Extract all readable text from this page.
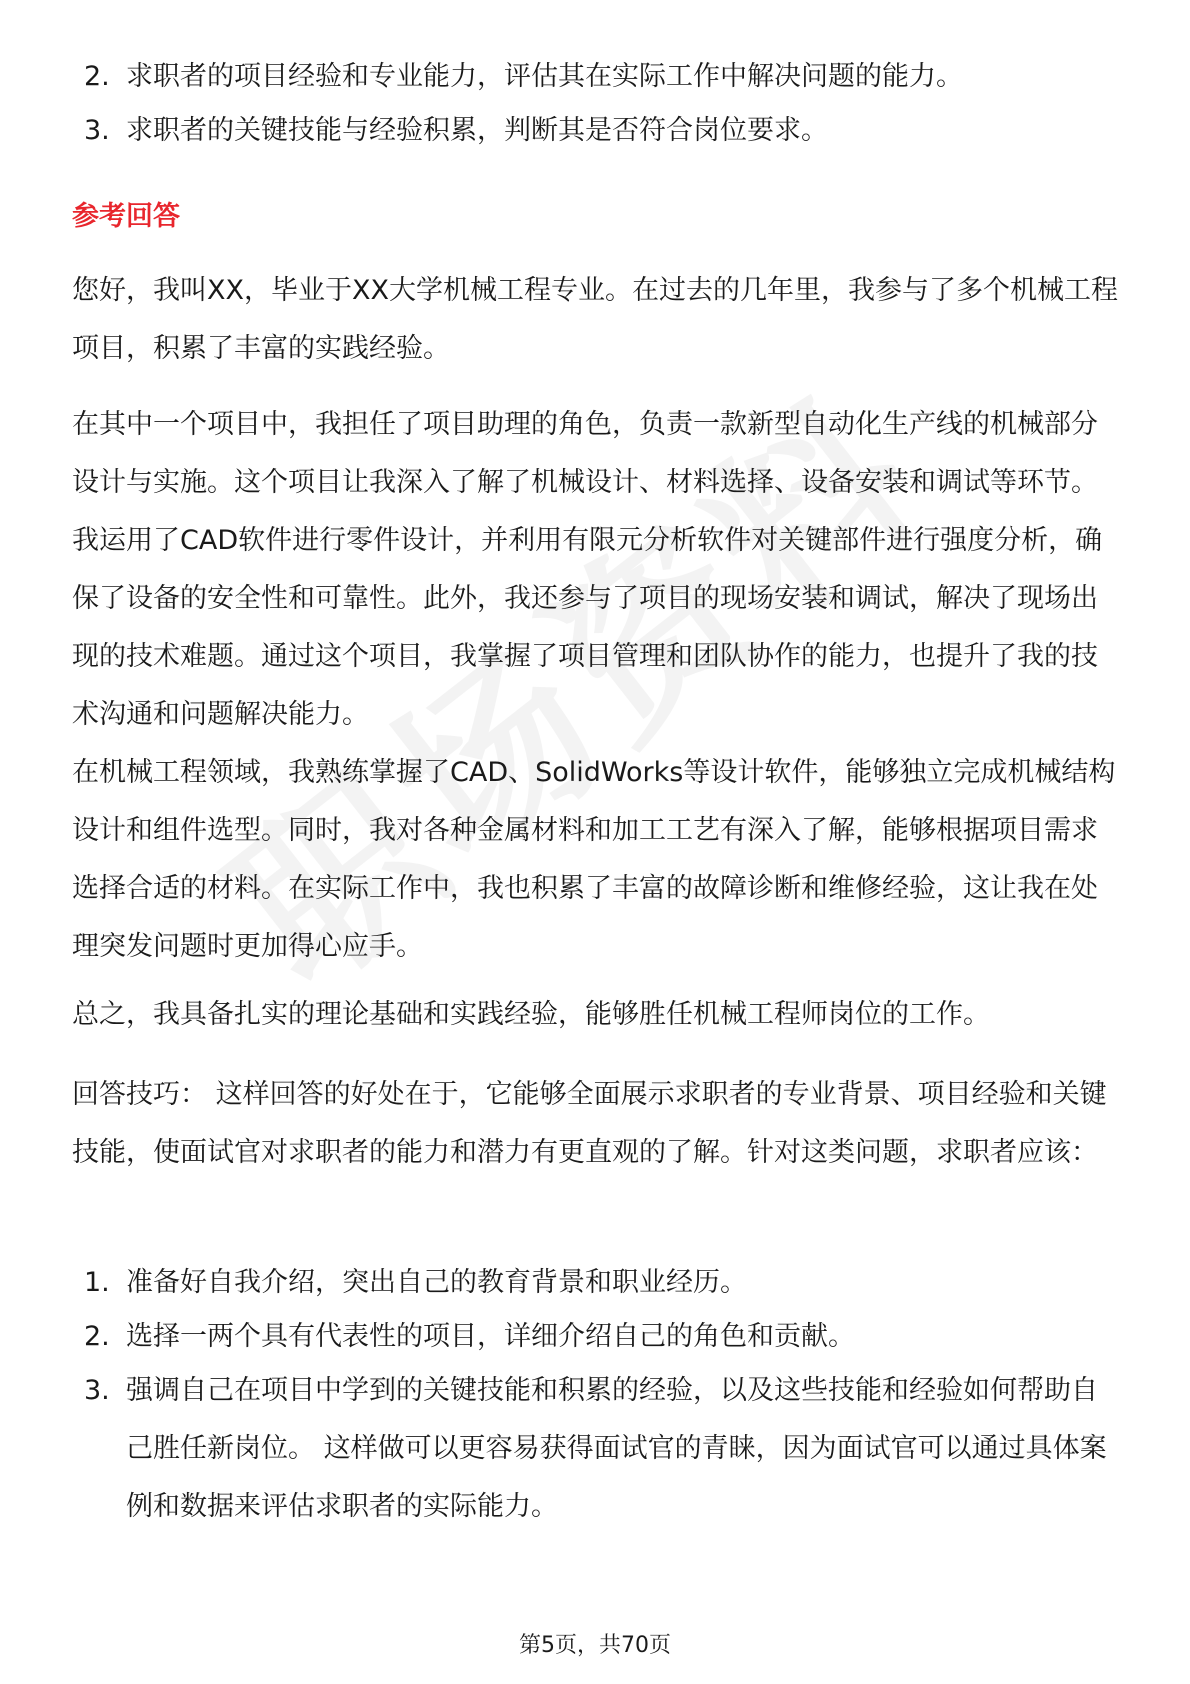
2. 求职者的项目经验和专业能力，评估其在实际工作中解决问题的能力。
3. 求职者的关键技能与经验积累，判断其是否符合岗位要求。
参考回答
您好，我叫XX，毕业于XX大学机械工程专业。在过去的几年里，我参与了多个机械工程项目，积累了丰富的实践经验。
在其中一个项目中，我担任了项目助理的角色，负责一款新型自动化生产线的机械部分设计与实施。这个项目让我深入了解了机械设计、材料选择、设备安装和调试等环节。我运用了CAD软件进行零件设计，并利用有限元分析软件对关键部件进行强度分析，确保了设备的安全性和可靠性。此外，我还参与了项目的现场安装和调试，解决了现场出现的技术难题。通过这个项目，我掌握了项目管理和团队协作的能力，也提升了我的技术沟通和问题解决能力。
在机械工程领域，我熟练掌握了CAD、SolidWorks等设计软件，能够独立完成机械结构设计和组件选型。同时，我对各种金属材料和加工工艺有深入了解，能够根据项目需求选择合适的材料。在实际工作中，我也积累了丰富的故障诊断和维修经验，这让我在处理突发问题时更加得心应手。
总之，我具备扎实的理论基础和实践经验，能够胜任机械工程师岗位的工作。
回答技巧： 这样回答的好处在于，它能够全面展示求职者的专业背景、项目经验和关键技能，使面试官对求职者的能力和潜力有更直观的了解。针对这类问题，求职者应该：
1. 准备好自我介绍，突出自己的教育背景和职业经历。
2. 选择一两个具有代表性的项目，详细介绍自己的角色和贡献。
3. 强调自己在项目中学到的关键技能和积累的经验，以及这些技能和经验如何帮助自己胜任新岗位。 这样做可以更容易获得面试官的青睐，因为面试官可以通过具体案例和数据来评估求职者的实际能力。
第5页，共70页
